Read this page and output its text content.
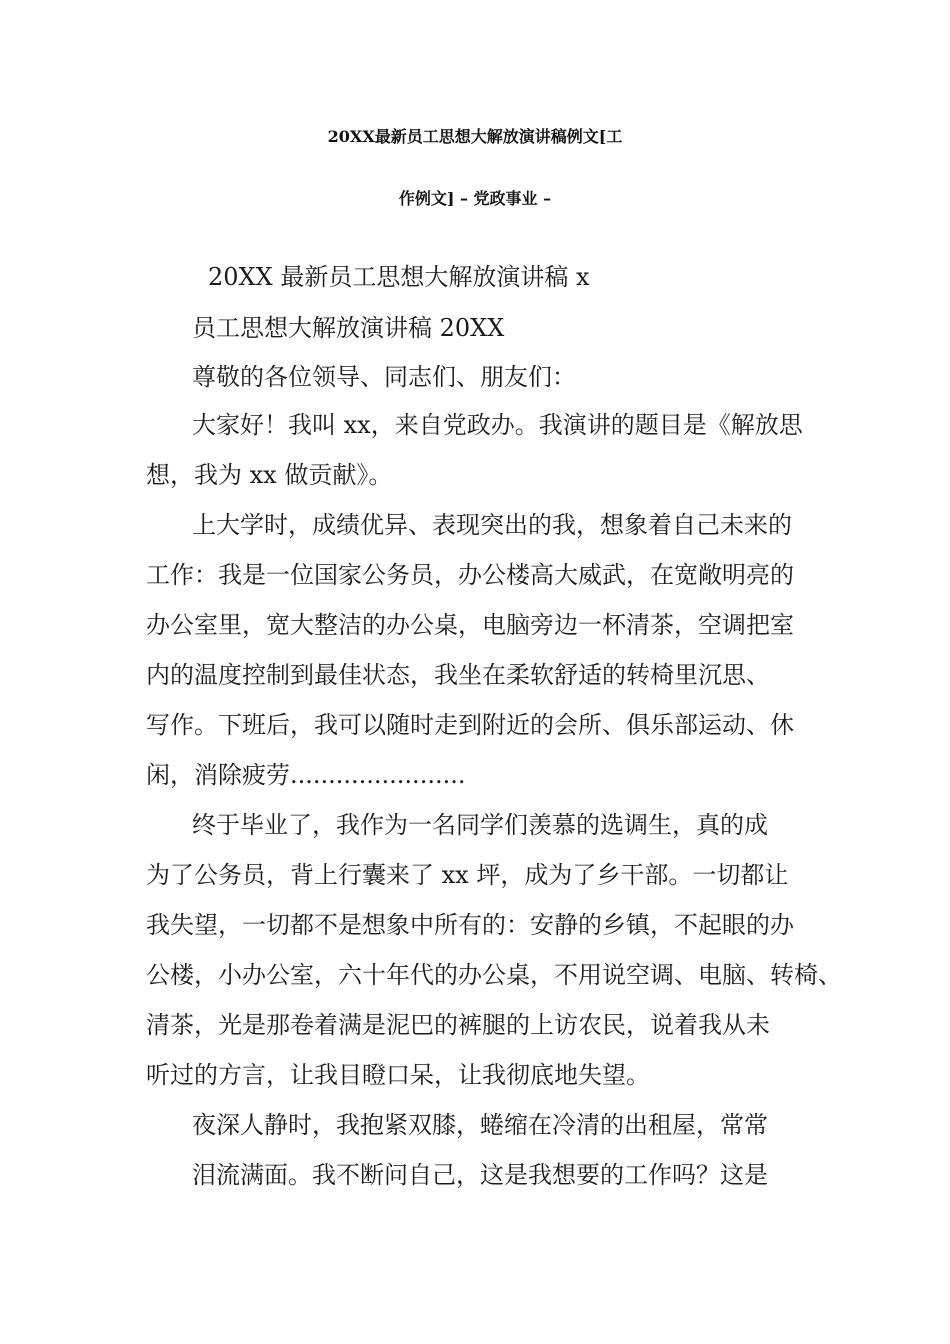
20XX最新员工思想大解放演讲稿例文[工
作例文] – 党政事业 –
20XX 最新员工思想大解放演讲稿 x
员工思想大解放演讲稿 20XX
尊敬的各位领导、同志们、朋友们：
大家好！我叫 xx，来自党政办。我演讲的题目是《解放思
想，我为 xx 做贡献》。
上大学时，成绩优异、表现突出的我，想象着自己未来的
工作：我是一位国家公务员，办公楼高大威武，在宽敞明亮的
办公室里，宽大整洁的办公桌，电脑旁边一杯清茶，空调把室
内的温度控制到最佳状态，我坐在柔软舒适的转椅里沉思、
写作。下班后，我可以随时走到附近的会所、俱乐部运动、休
闲，消除疲劳.......................
终于毕业了，我作为一名同学们羡慕的选调生，真的成
为了公务员，背上行囊来了 xx 坪，成为了乡干部。一切都让
我失望，一切都不是想象中所有的：安静的乡镇，不起眼的办
公楼，小办公室，六十年代的办公桌，不用说空调、电脑、转椅、
清茶，光是那卷着满是泥巴的裤腿的上访农民，说着我从未
听过的方言，让我目瞪口呆，让我彻底地失望。
夜深人静时，我抱紧双膝，蜷缩在冷清的出租屋，常常
泪流满面。我不断问自己，这是我想要的工作吗？这是
